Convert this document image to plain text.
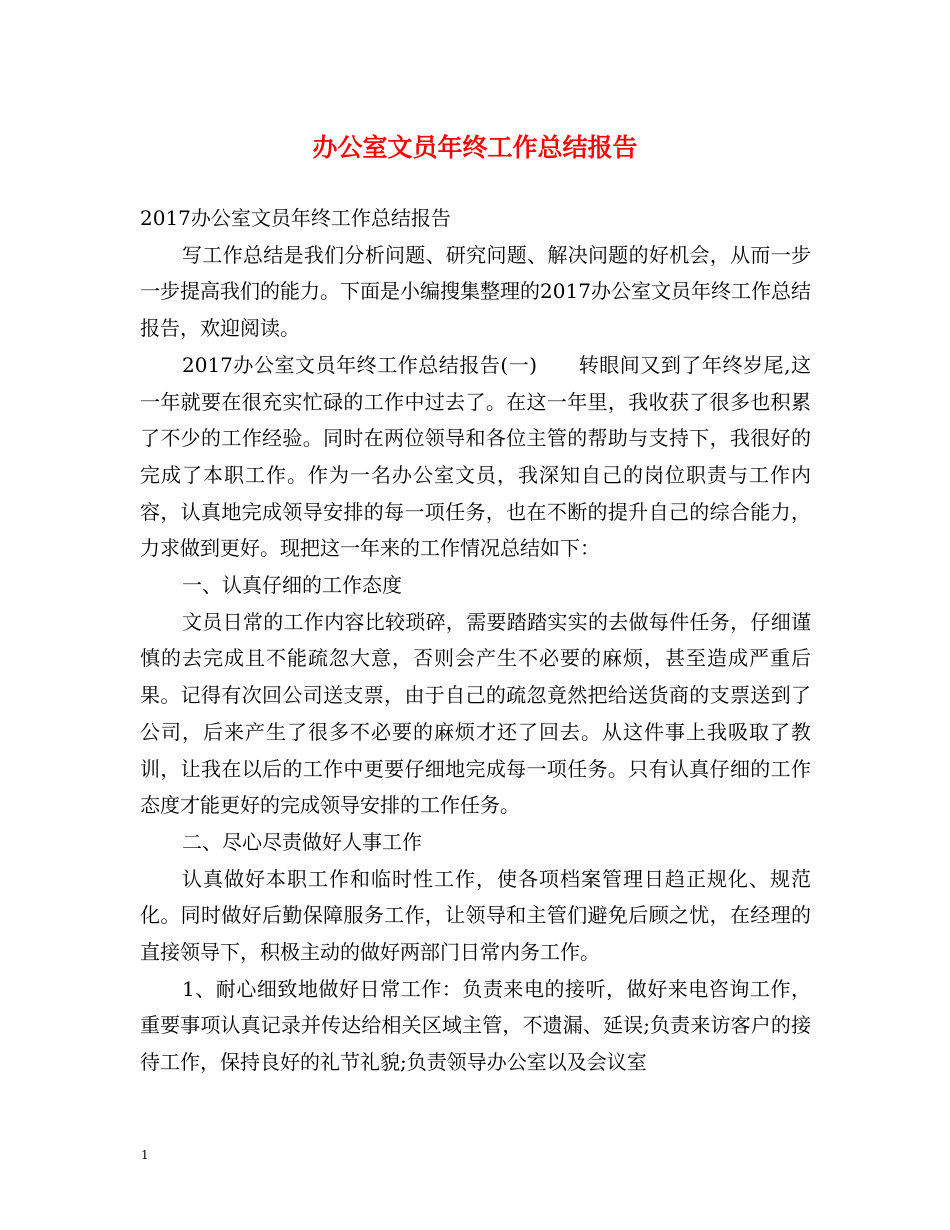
办公室文员年终工作总结报告

2017办公室文员年终工作总结报告

写工作总结是我们分析问题、研究问题、解决问题的好机会，从而一步一步提高我们的能力。下面是小编搜集整理的2017办公室文员年终工作总结报告，欢迎阅读。

2017办公室文员年终工作总结报告(一)　　转眼间又到了年终岁尾,这一年就要在很充实忙碌的工作中过去了。在这一年里，我收获了很多也积累了不少的工作经验。同时在两位领导和各位主管的帮助与支持下，我很好的完成了本职工作。作为一名办公室文员，我深知自己的岗位职责与工作内容，认真地完成领导安排的每一项任务，也在不断的提升自己的综合能力，力求做到更好。现把这一年来的工作情况总结如下：

一、认真仔细的工作态度

文员日常的工作内容比较琐碎，需要踏踏实实的去做每件任务，仔细谨慎的去完成且不能疏忽大意，否则会产生不必要的麻烦，甚至造成严重后果。记得有次回公司送支票，由于自己的疏忽竟然把给送货商的支票送到了公司，后来产生了很多不必要的麻烦才还了回去。从这件事上我吸取了教训，让我在以后的工作中更要仔细地完成每一项任务。只有认真仔细的工作态度才能更好的完成领导安排的工作任务。

二、尽心尽责做好人事工作

认真做好本职工作和临时性工作，使各项档案管理日趋正规化、规范化。同时做好后勤保障服务工作，让领导和主管们避免后顾之忧，在经理的直接领导下，积极主动的做好两部门日常内务工作。

1、耐心细致地做好日常工作：负责来电的接听，做好来电咨询工作，重要事项认真记录并传达给相关区域主管，不遗漏、延误;负责来访客户的接待工作，保持良好的礼节礼貌;负责领导办公室以及会议室

1
